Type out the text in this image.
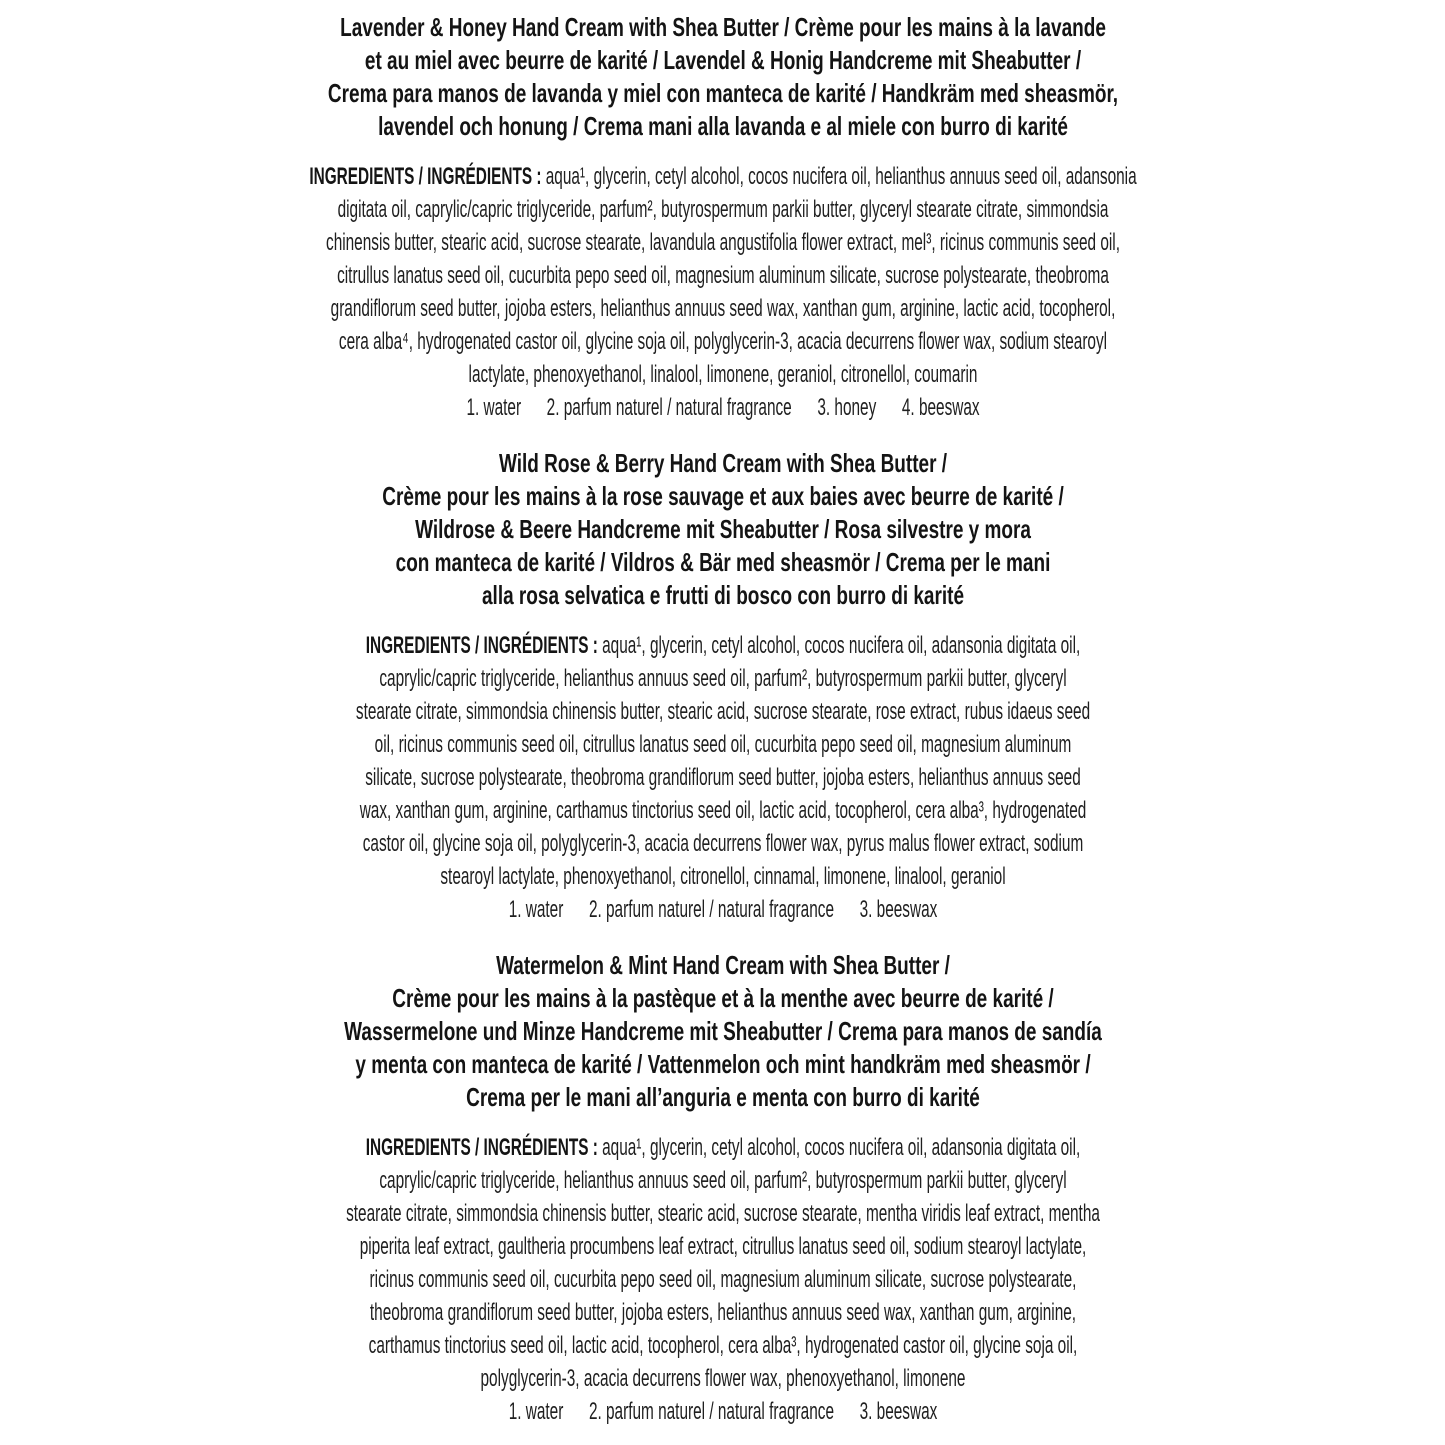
Lavender & Honey Hand Cream with Shea Butter / Crème pour les mains à la lavande
et au miel avec beurre de karité / Lavendel & Honig Handcreme mit Sheabutter /
Crema para manos de lavanda y miel con manteca de karité / Handkräm med sheasmör,
lavendel och honung / Crema mani alla lavanda e al miele con burro di karité

INGREDIENTS / INGRÉDIENTS : aqua¹, glycerin, cetyl alcohol, cocos nucifera oil, helianthus annuus seed oil, adansonia
digitata oil, caprylic/capric triglyceride, parfum², butyrospermum parkii butter, glyceryl stearate citrate, simmondsia
chinensis butter, stearic acid, sucrose stearate, lavandula angustifolia flower extract, mel³, ricinus communis seed oil,
citrullus lanatus seed oil, cucurbita pepo seed oil, magnesium aluminum silicate, sucrose polystearate, theobroma
grandiflorum seed butter, jojoba esters, helianthus annuus seed wax, xanthan gum, arginine, lactic acid, tocopherol,
cera alba⁴, hydrogenated castor oil, glycine soja oil, polyglycerin-3, acacia decurrens flower wax, sodium stearoyl
lactylate, phenoxyethanol, linalool, limonene, geraniol, citronellol, coumarin

1. water      2. parfum naturel / natural fragrance      3. honey      4. beeswax

Wild Rose & Berry Hand Cream with Shea Butter /
Crème pour les mains à la rose sauvage et aux baies avec beurre de karité /
Wildrose & Beere Handcreme mit Sheabutter / Rosa silvestre y mora
con manteca de karité / Vildros & Bär med sheasmör / Crema per le mani
alla rosa selvatica e frutti di bosco con burro di karité

INGREDIENTS / INGRÉDIENTS : aqua¹, glycerin, cetyl alcohol, cocos nucifera oil, adansonia digitata oil,
caprylic/capric triglyceride, helianthus annuus seed oil, parfum², butyrospermum parkii butter, glyceryl
stearate citrate, simmondsia chinensis butter, stearic acid, sucrose stearate, rose extract, rubus idaeus seed
oil, ricinus communis seed oil, citrullus lanatus seed oil, cucurbita pepo seed oil, magnesium aluminum
silicate, sucrose polystearate, theobroma grandiflorum seed butter, jojoba esters, helianthus annuus seed
wax, xanthan gum, arginine, carthamus tinctorius seed oil, lactic acid, tocopherol, cera alba³, hydrogenated
castor oil, glycine soja oil, polyglycerin-3, acacia decurrens flower wax, pyrus malus flower extract, sodium
stearoyl lactylate, phenoxyethanol, citronellol, cinnamal, limonene, linalool, geraniol

1. water      2. parfum naturel / natural fragrance      3. beeswax

Watermelon & Mint Hand Cream with Shea Butter /
Crème pour les mains à la pastèque et à la menthe avec beurre de karité /
Wassermelone und Minze Handcreme mit Sheabutter / Crema para manos de sandía
y menta con manteca de karité / Vattenmelon och mint handkräm med sheasmör /
Crema per le mani all’anguria e menta con burro di karité

INGREDIENTS / INGRÉDIENTS : aqua¹, glycerin, cetyl alcohol, cocos nucifera oil, adansonia digitata oil,
caprylic/capric triglyceride, helianthus annuus seed oil, parfum², butyrospermum parkii butter, glyceryl
stearate citrate, simmondsia chinensis butter, stearic acid, sucrose stearate, mentha viridis leaf extract, mentha
piperita leaf extract, gaultheria procumbens leaf extract, citrullus lanatus seed oil, sodium stearoyl lactylate,
ricinus communis seed oil, cucurbita pepo seed oil, magnesium aluminum silicate, sucrose polystearate,
theobroma grandiflorum seed butter, jojoba esters, helianthus annuus seed wax, xanthan gum, arginine,
carthamus tinctorius seed oil, lactic acid, tocopherol, cera alba³, hydrogenated castor oil, glycine soja oil,
polyglycerin-3, acacia decurrens flower wax, phenoxyethanol, limonene

1. water      2. parfum naturel / natural fragrance      3. beeswax
